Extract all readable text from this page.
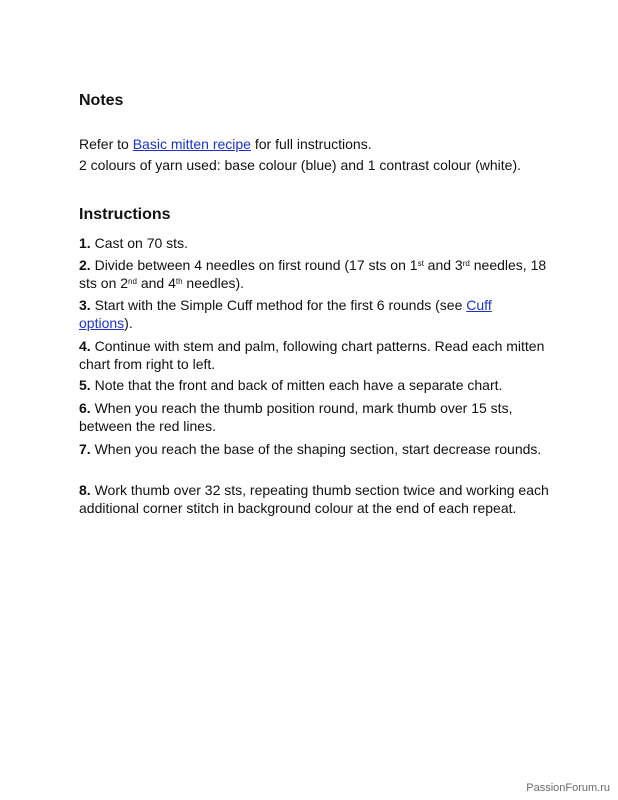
Notes

Refer to Basic mitten recipe for full instructions.

2 colours of yarn used: base colour (blue) and 1 contrast colour (white).

Instructions

1. Cast on 70 sts.

2. Divide between 4 needles on first round (17 sts on 1st and 3rd needles, 18 sts on 2nd and 4th needles).

3. Start with the Simple Cuff method for the first 6 rounds (see Cuff options).

4. Continue with stem and palm, following chart patterns. Read each mitten chart from right to left.

5. Note that the front and back of mitten each have a separate chart.

6. When you reach the thumb position round, mark thumb over 15 sts, between the red lines.

7. When you reach the base of the shaping section, start decrease rounds.

8. Work thumb over 32 sts, repeating thumb section twice and working each additional corner stitch in background colour at the end of each repeat.

PassionForum.ru
